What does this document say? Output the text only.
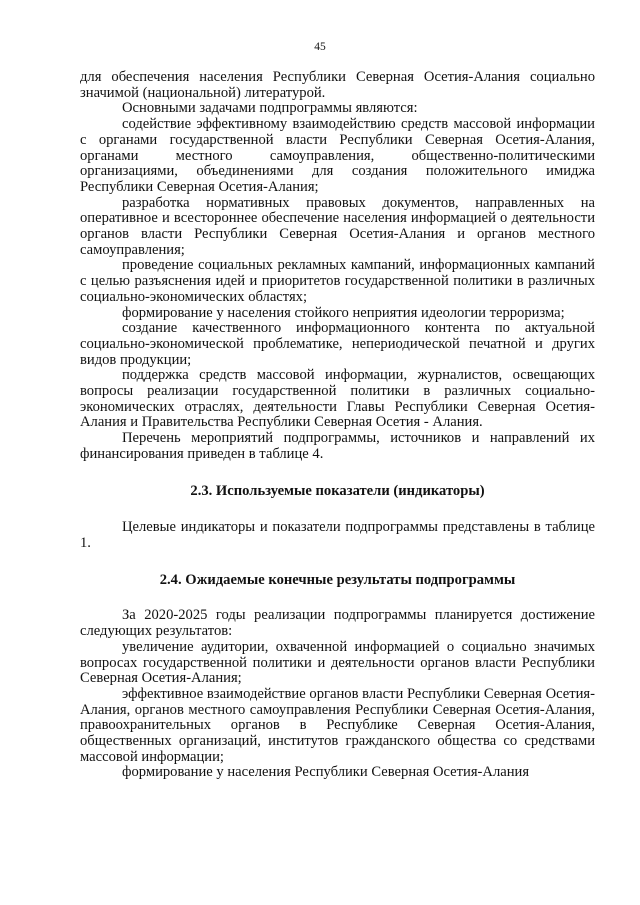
45

для обеспечения населения Республики Северная Осетия-Алания социально значимой (национальной) литературой.

Основными задачами подпрограммы являются:

содействие эффективному взаимодействию средств массовой информации с органами государственной власти Республики Северная Осетия-Алания, органами местного самоуправления, общественно-политическими организациями, объединениями для создания положительного имиджа Республики Северная Осетия-Алания;

разработка нормативных правовых документов, направленных на оперативное и всестороннее обеспечение населения информацией о деятельности органов власти Республики Северная Осетия-Алания и органов местного самоуправления;

проведение социальных рекламных кампаний, информационных кампаний с целью разъяснения идей и приоритетов государственной политики в различных социально-экономических областях;

формирование у населения стойкого неприятия идеологии терроризма;

создание качественного информационного контента по актуальной социально-экономической проблематике, непериодической печатной и других видов продукции;

поддержка средств массовой информации, журналистов, освещающих вопросы реализации государственной политики в различных социально-экономических отраслях, деятельности Главы Республики Северная Осетия-Алания и Правительства Республики Северная Осетия - Алания.

Перечень мероприятий подпрограммы, источников и направлений их финансирования приведен в таблице 4.

2.3. Используемые показатели (индикаторы)

Целевые индикаторы и показатели подпрограммы представлены в таблице 1.

2.4. Ожидаемые конечные результаты подпрограммы

За 2020-2025 годы реализации подпрограммы планируется достижение следующих результатов:

увеличение аудитории, охваченной информацией о социально значимых вопросах государственной политики и деятельности органов власти Республики Северная Осетия-Алания;

эффективное взаимодействие органов власти Республики Северная Осетия-Алания, органов местного самоуправления Республики Северная Осетия-Алания, правоохранительных органов в Республике Северная Осетия-Алания, общественных организаций, институтов гражданского общества со средствами массовой информации;

формирование у населения Республики Северная Осетия-Алания
